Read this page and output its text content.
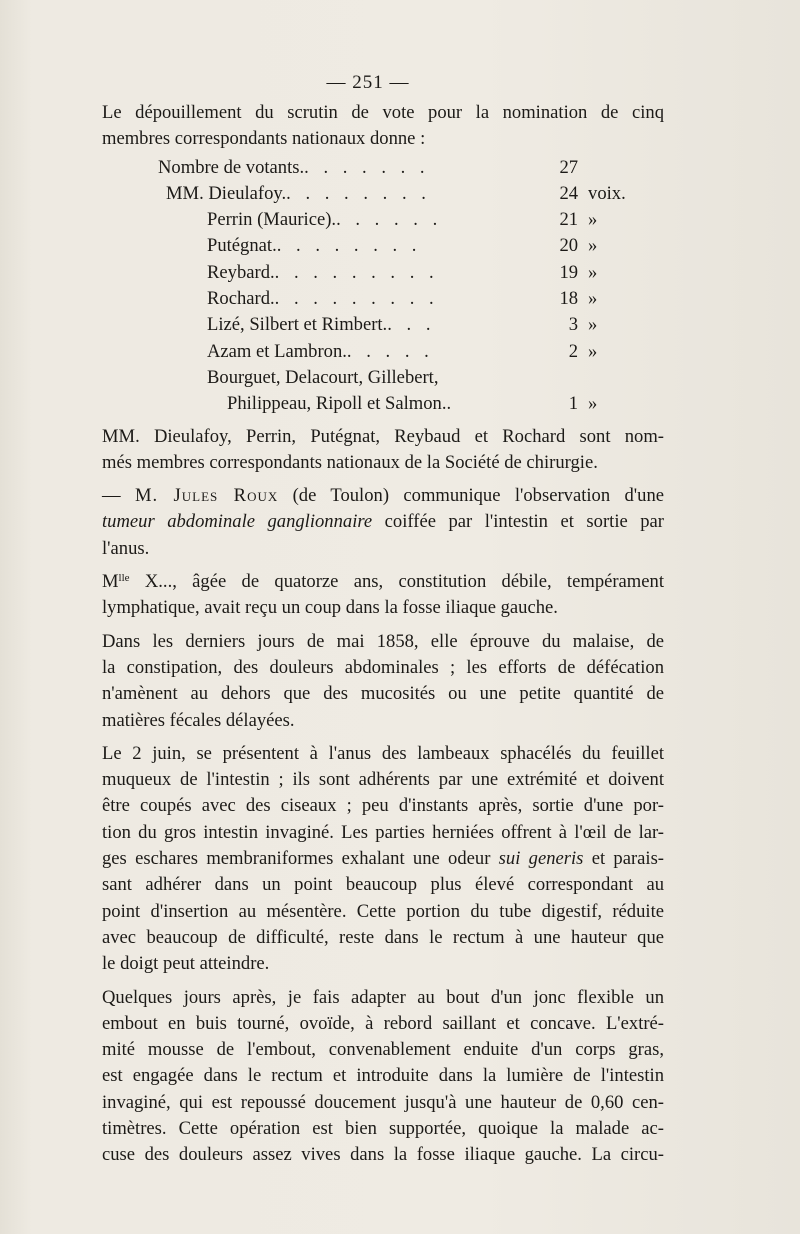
— 251 —
Le dépouillement du scrutin de vote pour la nomination de cinq
membres correspondants nationaux donne :
Nombre de votants.. . . . . . .	27	
MM. Dieulafoy.. . . . . . . .	24	voix.
Perrin (Maurice).. . . . . .	21	»
Putégnat.. . . . . . . .	20	»
Reybard.. . . . . . . . .	19	»
Rochard.. . . . . . . . .	18	»
Lizé, Silbert et Rimbert.. . .	3	»
Azam et Lambron.. . . . .	2	»
Bourguet, Delacourt, Gillebert,		
Philippeau, Ripoll et Salmon..	1	»
MM. Dieulafoy, Perrin, Putégnat, Reybaud et Rochard sont nom-
més membres correspondants nationaux de la Société de chirurgie.
— M. Jules Roux (de Toulon) communique l'observation d'une
tumeur abdominale ganglionnaire coiffée par l'intestin et sortie par
l'anus.
$M^{lle}$ X..., âgée de quatorze ans, constitution débile, tempérament
lymphatique, avait reçu un coup dans la fosse iliaque gauche.
Dans les derniers jours de mai 1858, elle éprouve du malaise, de
la constipation, des douleurs abdominales ; les efforts de défécation
n'amènent au dehors que des mucosités ou une petite quantité de
matières fécales délayées.
Le 2 juin, se présentent à l'anus des lambeaux sphacélés du feuillet
muqueux de l'intestin ; ils sont adhérents par une extrémité et doivent
être coupés avec des ciseaux ; peu d'instants après, sortie d'une por-
tion du gros intestin invaginé. Les parties herniées offrent à l'œil de lar-
ges eschares membraniformes exhalant une odeur sui generis et parais-
sant adhérer dans un point beaucoup plus élevé correspondant au
point d'insertion au mésentère. Cette portion du tube digestif, réduite
avec beaucoup de difficulté, reste dans le rectum à une hauteur que
le doigt peut atteindre.
Quelques jours après, je fais adapter au bout d'un jonc flexible un
embout en buis tourné, ovoïde, à rebord saillant et concave. L'extré-
mité mousse de l'embout, convenablement enduite d'un corps gras,
est engagée dans le rectum et introduite dans la lumière de l'intestin
invaginé, qui est repoussé doucement jusqu'à une hauteur de 0,60 cen-
timètres. Cette opération est bien supportée, quoique la malade ac-
cuse des douleurs assez vives dans la fosse iliaque gauche. La circu-
